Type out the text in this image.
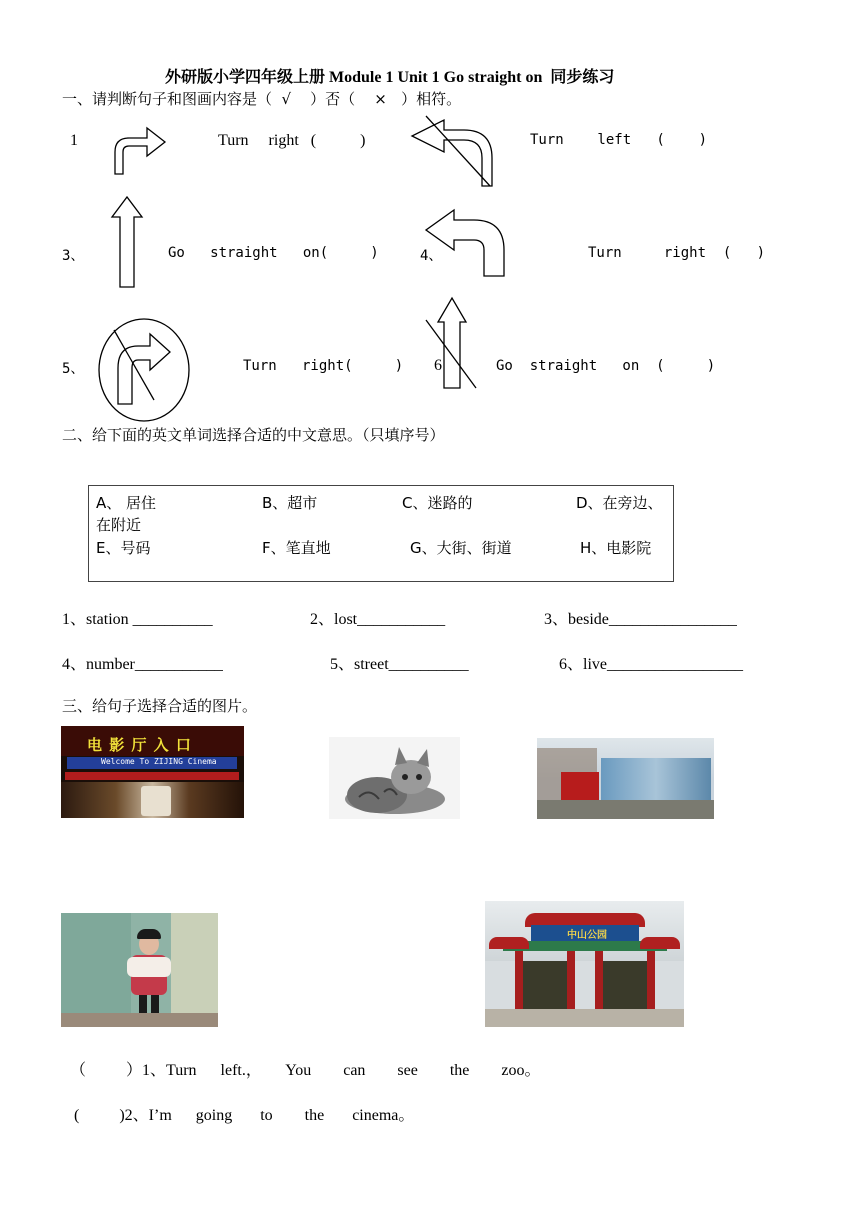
外研版小学四年级上册 Module 1 Unit 1 Go straight on  同步练习
一、请判断句子和图画内容是（  √    ）否（    ×   ）相符。
1	Turn     right   (           )	Turn    left   (    )
3、	Go   straight   on(     )	4、	Turn     right  (   )
5、	Turn   right(     ) 6	Go  straight   on  (     )
二、给下面的英文单词选择合适的中文意思。（只填序号）
A、 居住	B、超市	C、迷路的	D、在旁边、
在附近
E、号码	F、笔直地	G、大街、街道	H、电影院
1、station __________	2、lost___________	3、beside________________
4、number___________	5、street__________	6、live_________________
三、给句子选择合适的图片。
电 影 厅 入 口
Welcome To ZIJING Cinema
中山公园
（          ）1、Turn      left.，      You        can        see        the        zoo。
(          )2、I’m      going       to        the       cinema。
